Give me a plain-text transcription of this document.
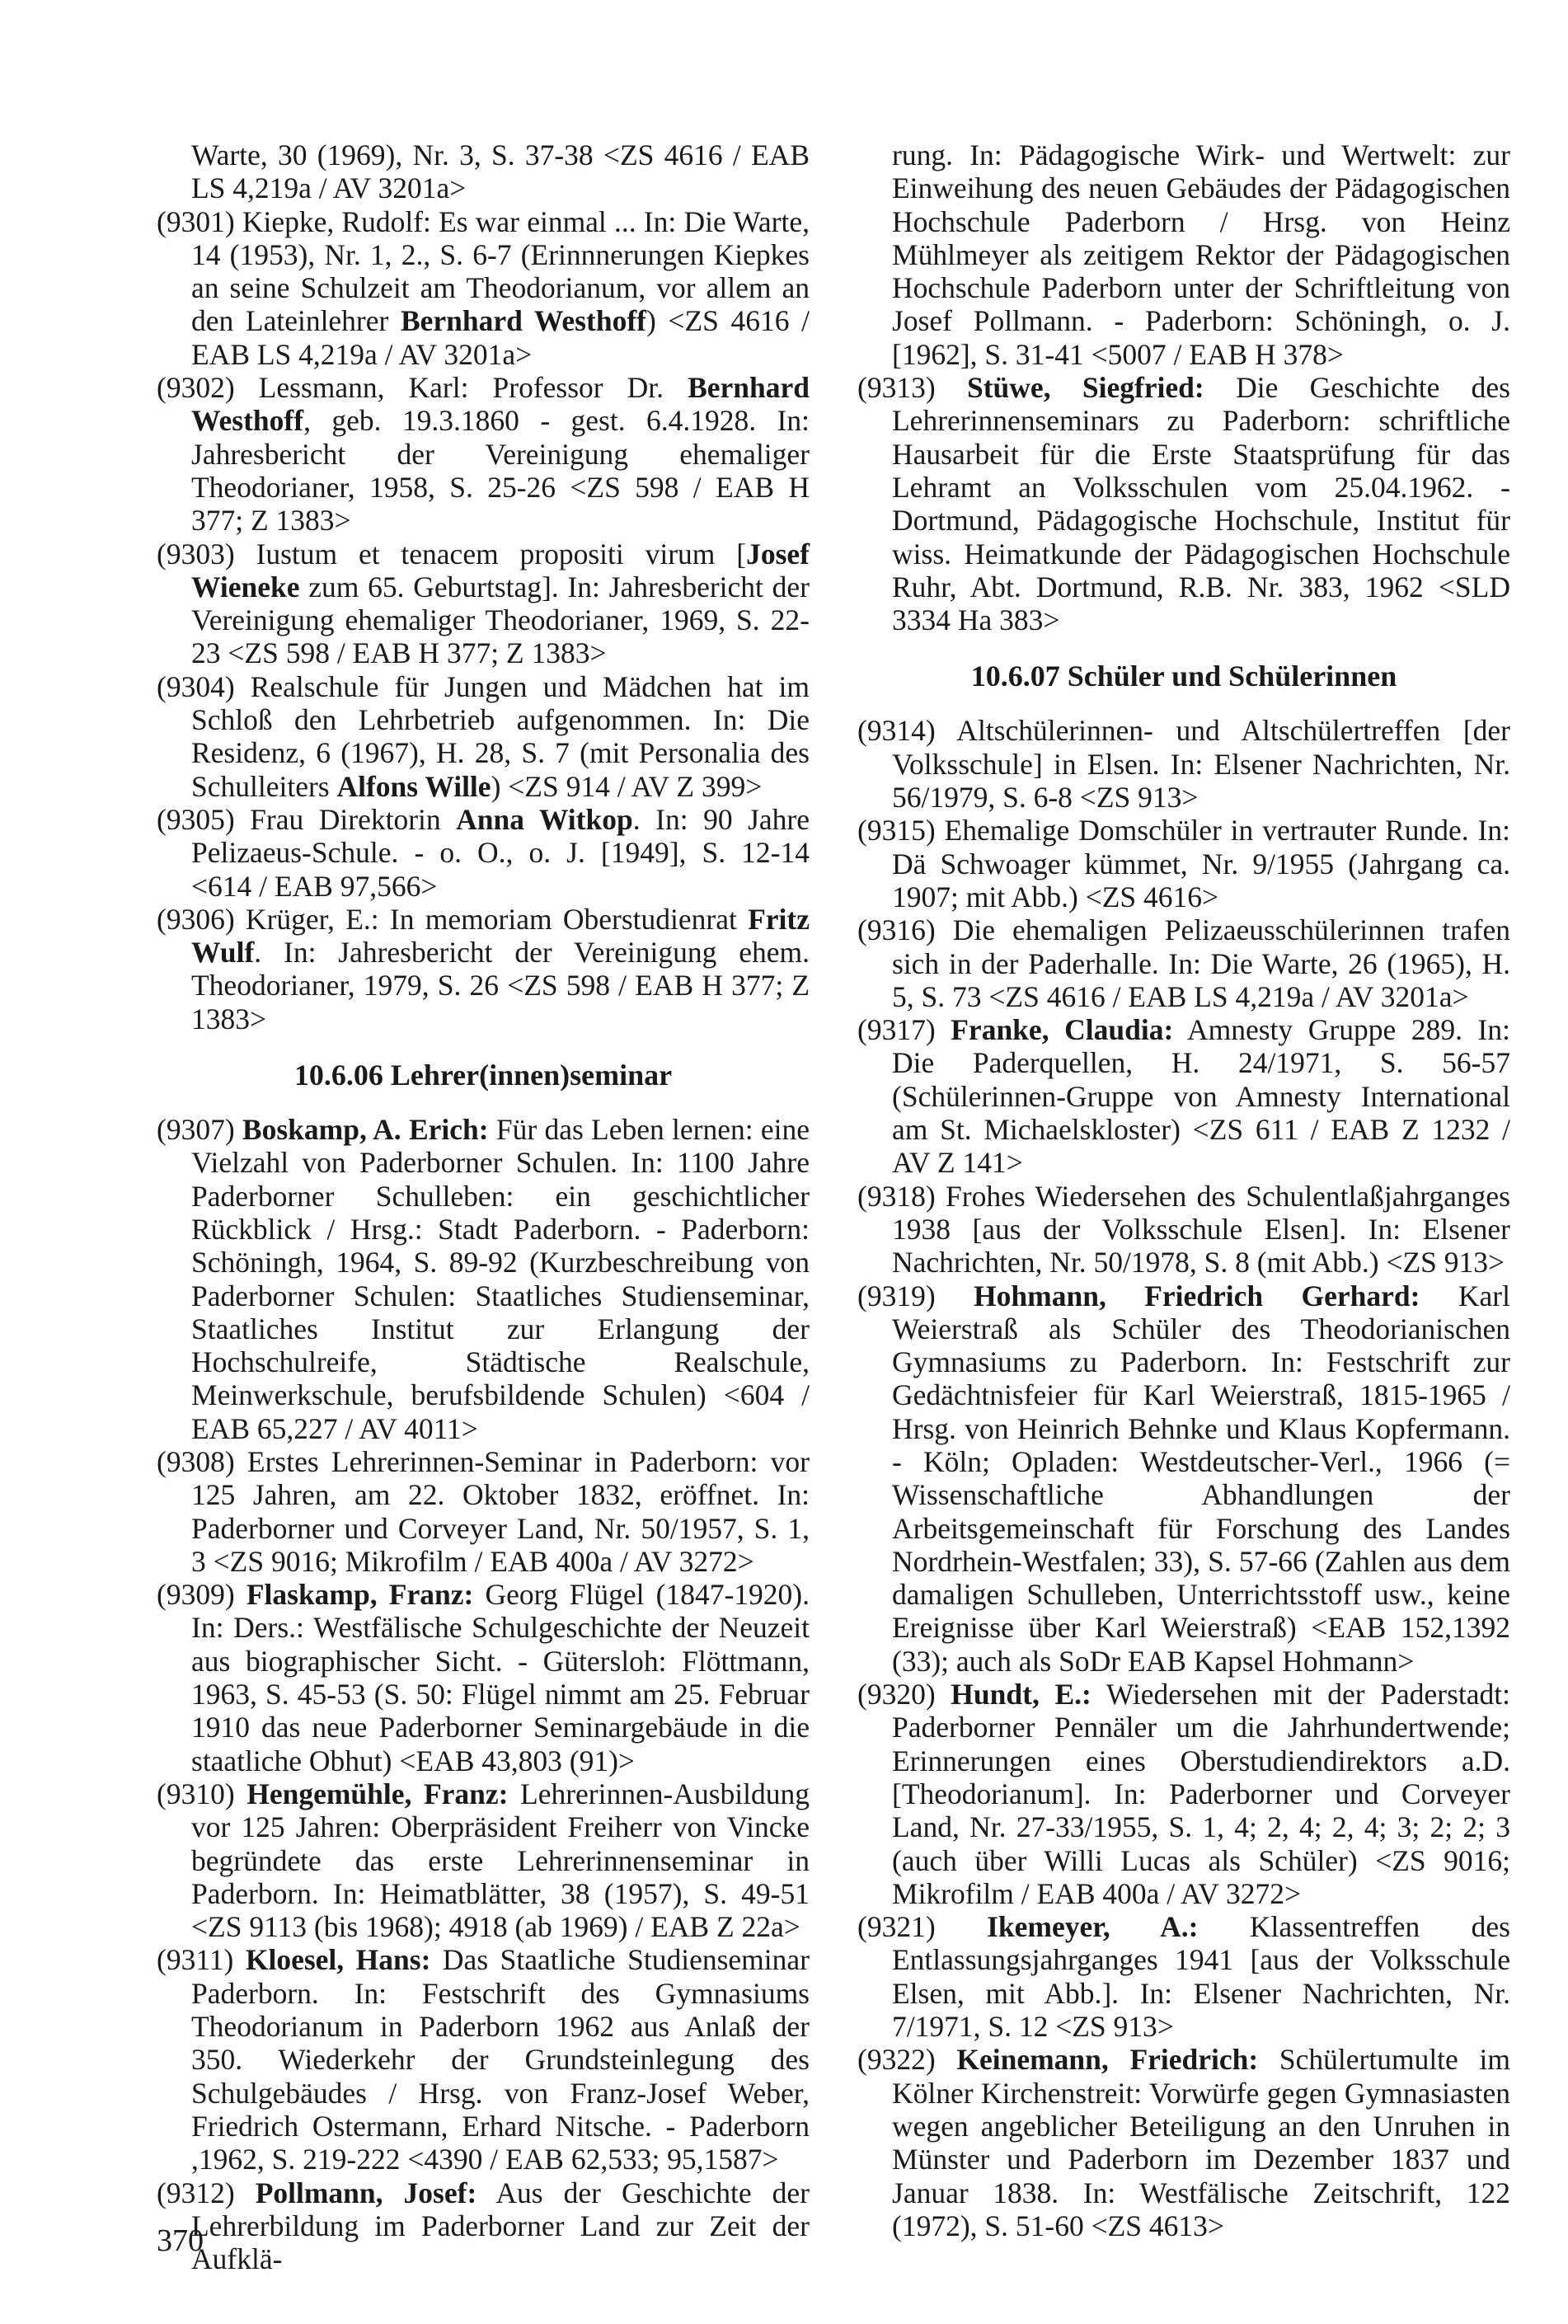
Warte, 30 (1969), Nr. 3, S. 37-38 <ZS 4616 / EAB LS 4,219a / AV 3201a>

(9301) Kiepke, Rudolf: Es war einmal ... In: Die Warte, 14 (1953), Nr. 1, 2., S. 6-7 (Erinnnerungen Kiepkes an seine Schulzeit am Theodorianum, vor allem an den Lateinlehrer Bernhard Westhoff) <ZS 4616 / EAB LS 4,219a / AV 3201a>

(9302) Lessmann, Karl: Professor Dr. Bernhard Westhoff, geb. 19.3.1860 - gest. 6.4.1928. In: Jahresbericht der Vereinigung ehemaliger Theodorianer, 1958, S. 25-26 <ZS 598 / EAB H 377; Z 1383>

(9303) Iustum et tenacem propositi virum [Josef Wieneke zum 65. Geburtstag]. In: Jahresbericht der Vereinigung ehemaliger Theodorianer, 1969, S. 22-23 <ZS 598 / EAB H 377; Z 1383>

(9304) Realschule für Jungen und Mädchen hat im Schloß den Lehrbetrieb aufgenommen. In: Die Residenz, 6 (1967), H. 28, S. 7 (mit Personalia des Schulleiters Alfons Wille) <ZS 914 / AV Z 399>

(9305) Frau Direktorin Anna Witkop. In: 90 Jahre Pelizaeus-Schule. - o. O., o. J. [1949], S. 12-14 <614 / EAB 97,566>

(9306) Krüger, E.: In memoriam Oberstudienrat Fritz Wulf. In: Jahresbericht der Vereinigung ehem. Theodorianer, 1979, S. 26 <ZS 598 / EAB H 377; Z 1383>

10.6.06 Lehrer(innen)seminar

(9307) Boskamp, A. Erich: Für das Leben lernen: eine Vielzahl von Paderborner Schulen. In: 1100 Jahre Paderborner Schulleben: ein geschichtlicher Rückblick / Hrsg.: Stadt Paderborn. - Paderborn: Schöningh, 1964, S. 89-92 (Kurzbeschreibung von Paderborner Schulen: Staatliches Studienseminar, Staatliches Institut zur Erlangung der Hochschulreife, Städtische Realschule, Meinwerkschule, berufsbildende Schulen) <604 / EAB 65,227 / AV 4011>

(9308) Erstes Lehrerinnen-Seminar in Paderborn: vor 125 Jahren, am 22. Oktober 1832, eröffnet. In: Paderborner und Corveyer Land, Nr. 50/1957, S. 1, 3 <ZS 9016; Mikrofilm / EAB 400a / AV 3272>

(9309) Flaskamp, Franz: Georg Flügel (1847-1920). In: Ders.: Westfälische Schulgeschichte der Neuzeit aus biographischer Sicht. - Gütersloh: Flöttmann, 1963, S. 45-53 (S. 50: Flügel nimmt am 25. Februar 1910 das neue Paderborner Seminargebäude in die staatliche Obhut) <EAB 43,803 (91)>

(9310) Hengemühle, Franz: Lehrerinnen-Ausbildung vor 125 Jahren: Oberpräsident Freiherr von Vincke begründete das erste Lehrerinnenseminar in Paderborn. In: Heimatblätter, 38 (1957), S. 49-51 <ZS 9113 (bis 1968); 4918 (ab 1969) / EAB Z 22a>

(9311) Kloesel, Hans: Das Staatliche Studienseminar Paderborn. In: Festschrift des Gymnasiums Theodorianum in Paderborn 1962 aus Anlaß der 350. Wiederkehr der Grundsteinlegung des Schulgebäudes / Hrsg. von Franz-Josef Weber, Friedrich Ostermann, Erhard Nitsche. - Paderborn ,1962, S. 219-222 <4390 / EAB 62,533; 95,1587>

(9312) Pollmann, Josef: Aus der Geschichte der Lehrerbildung im Paderborner Land zur Zeit der Aufklä-

rung. In: Pädagogische Wirk- und Wertwelt: zur Einweihung des neuen Gebäudes der Pädagogischen Hochschule Paderborn / Hrsg. von Heinz Mühlmeyer als zeitigem Rektor der Pädagogischen Hochschule Paderborn unter der Schriftleitung von Josef Pollmann. - Paderborn: Schöningh, o. J. [1962], S. 31-41 <5007 / EAB H 378>

(9313) Stüwe, Siegfried: Die Geschichte des Lehrerinnenseminars zu Paderborn: schriftliche Hausarbeit für die Erste Staatsprüfung für das Lehramt an Volksschulen vom 25.04.1962. - Dortmund, Pädagogische Hochschule, Institut für wiss. Heimatkunde der Pädagogischen Hochschule Ruhr, Abt. Dortmund, R.B. Nr. 383, 1962 <SLD 3334 Ha 383>

10.6.07 Schüler und Schülerinnen

(9314) Altschülerinnen- und Altschülertreffen [der Volksschule] in Elsen. In: Elsener Nachrichten, Nr. 56/1979, S. 6-8 <ZS 913>

(9315) Ehemalige Domschüler in vertrauter Runde. In: Dä Schwoager kümmet, Nr. 9/1955 (Jahrgang ca. 1907; mit Abb.) <ZS 4616>

(9316) Die ehemaligen Pelizaeusschülerinnen trafen sich in der Paderhalle. In: Die Warte, 26 (1965), H. 5, S. 73 <ZS 4616 / EAB LS 4,219a / AV 3201a>

(9317) Franke, Claudia: Amnesty Gruppe 289. In: Die Paderquellen, H. 24/1971, S. 56-57 (Schülerinnen-Gruppe von Amnesty International am St. Michaelskloster) <ZS 611 / EAB Z 1232 / AV Z 141>

(9318) Frohes Wiedersehen des Schulentlaßjahrganges 1938 [aus der Volksschule Elsen]. In: Elsener Nachrichten, Nr. 50/1978, S. 8 (mit Abb.) <ZS 913>

(9319) Hohmann, Friedrich Gerhard: Karl Weierstraß als Schüler des Theodorianischen Gymnasiums zu Paderborn. In: Festschrift zur Gedächtnisfeier für Karl Weierstraß, 1815-1965 / Hrsg. von Heinrich Behnke und Klaus Kopfermann. - Köln; Opladen: Westdeutscher-Verl., 1966 (= Wissenschaftliche Abhandlungen der Arbeitsgemeinschaft für Forschung des Landes Nordrhein-Westfalen; 33), S. 57-66 (Zahlen aus dem damaligen Schulleben, Unterrichtsstoff usw., keine Ereignisse über Karl Weierstraß) <EAB 152,1392 (33); auch als SoDr EAB Kapsel Hohmann>

(9320) Hundt, E.: Wiedersehen mit der Paderstadt: Paderborner Pennäler um die Jahrhundertwende; Erinnerungen eines Oberstudiendirektors a.D. [Theodorianum]. In: Paderborner und Corveyer Land, Nr. 27-33/1955, S. 1, 4; 2, 4; 2, 4; 3; 2; 2; 3 (auch über Willi Lucas als Schüler) <ZS 9016; Mikrofilm / EAB 400a / AV 3272>

(9321) Ikemeyer, A.: Klassentreffen des Entlassungsjahrganges 1941 [aus der Volksschule Elsen, mit Abb.]. In: Elsener Nachrichten, Nr. 7/1971, S. 12 <ZS 913>

(9322) Keinemann, Friedrich: Schülertumulte im Kölner Kirchenstreit: Vorwürfe gegen Gymnasiasten wegen angeblicher Beteiligung an den Unruhen in Münster und Paderborn im Dezember 1837 und Januar 1838. In: Westfälische Zeitschrift, 122 (1972), S. 51-60 <ZS 4613>

370
